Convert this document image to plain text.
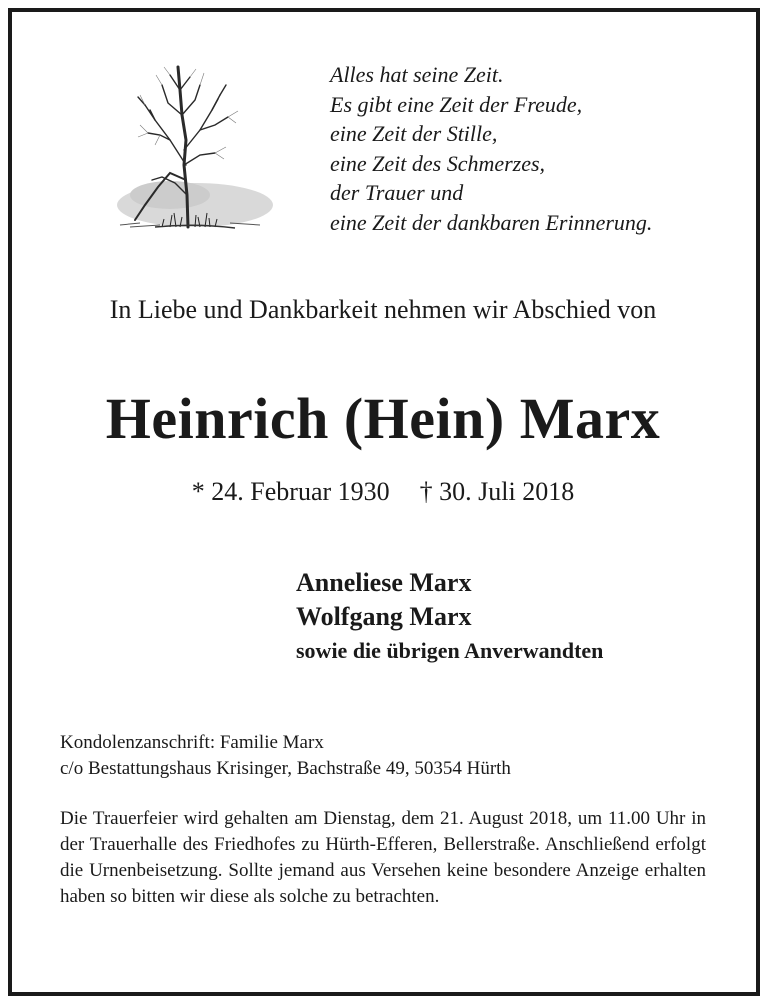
Alles hat seine Zeit.
Es gibt eine Zeit der Freude,
eine Zeit der Stille,
eine Zeit des Schmerzes,
der Trauer und
eine Zeit der dankbaren Erinnerung.
In Liebe und Dankbarkeit nehmen wir Abschied von
Heinrich (Hein) Marx
* 24. Februar 1930 † 30. Juli 2018
Anneliese Marx
Wolfgang Marx
sowie die übrigen Anverwandten
Kondolenzanschrift: Familie Marx
c/o Bestattungshaus Krisinger, Bachstraße 49, 50354 Hürth
Die Trauerfeier wird gehalten am Dienstag, dem 21. August 2018, um 11.00 Uhr in der Trauerhalle des Friedhofes zu Hürth-Efferen, Bellerstraße. Anschließend erfolgt die Urnenbeisetzung. Sollte jemand aus Versehen keine besondere Anzeige erhalten haben so bitten wir diese als solche zu betrachten.
